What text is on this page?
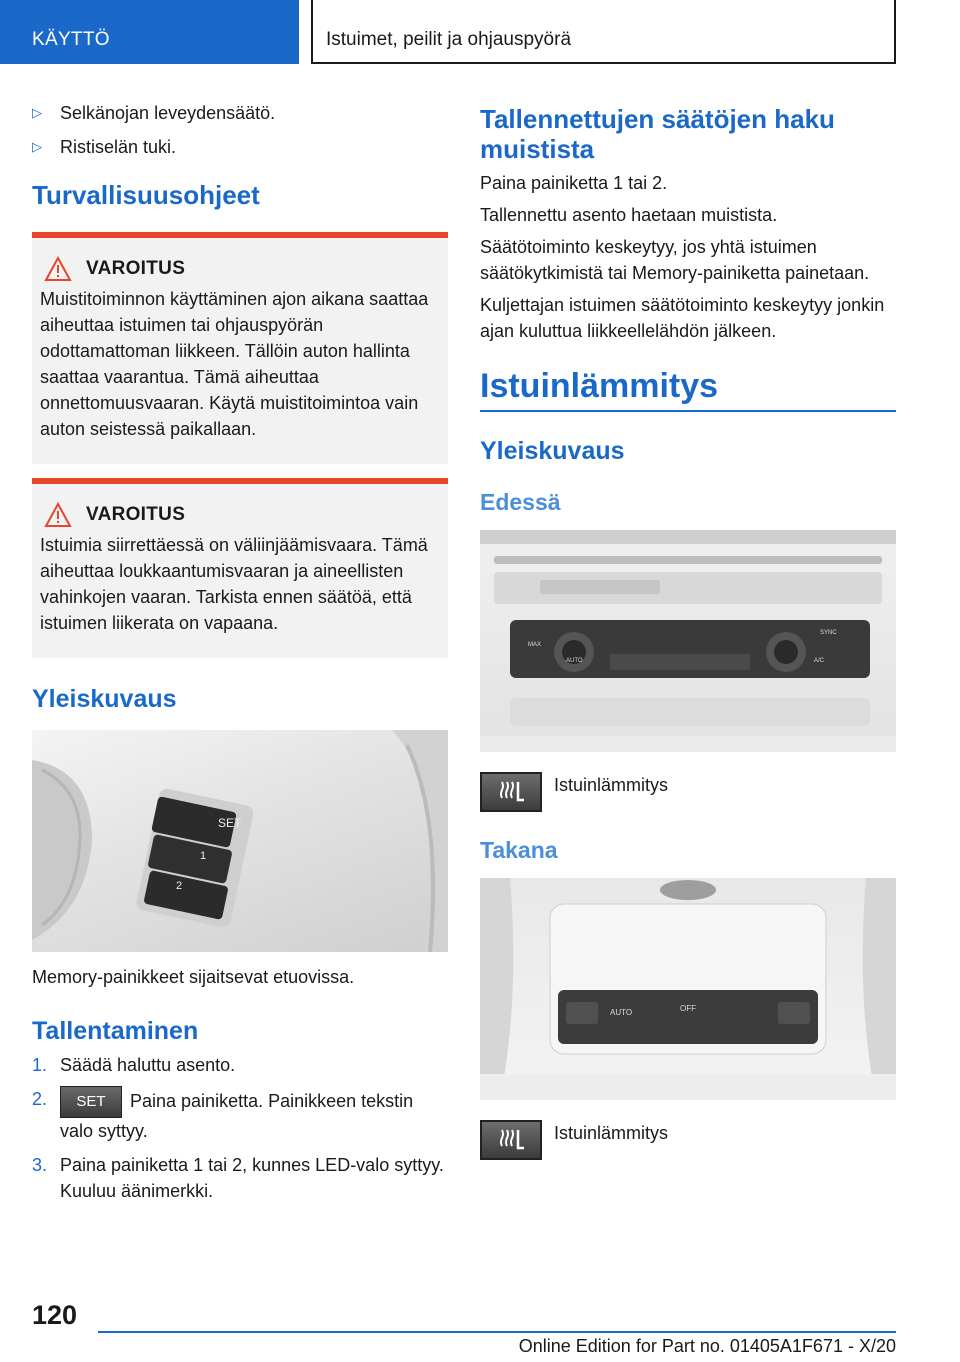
KÄYTTÖ	Istuimet, peilit ja ohjauspyörä
▷	Selkänojan leveydensäätö.
▷	Ristiselän tuki.
Turvallisuusohjeet
VAROITUS
Muistitoiminnon käyttäminen ajon aikana saattaa aiheuttaa istuimen tai ohjauspyörän odottamattoman liikkeen. Tällöin auton hallinta saattaa vaarantua. Tämä aiheuttaa onnettomuusvaaran. Käytä muistitoimintoa vain auton seistessä paikallaan.
VAROITUS
Istuimia siirrettäessä on väliinjäämisvaara. Tämä aiheuttaa loukkaantumisvaaran ja aineellisten vahinkojen vaaran. Tarkista ennen säätöä, että istuimen liikerata on vapaana.
Yleiskuvaus
SET
1
2

Memory-painikkeet sijaitsevat etuovissa.

Tallentaminen
1. Säädä haluttu asento.
2.	SET Paina painiketta. Painikkeen tekstin valo syttyy.
3. Paina painiketta 1 tai 2, kunnes LED-valo syttyy. Kuuluu äänimerkki.
Tallennettujen säätöjen haku muistista

Paina painiketta 1 tai 2.

Tallennettu asento haetaan muistista.

Säätötoiminto keskeytyy, jos yhtä istuimen säätökytkimistä tai Memory-painiketta painetaan.

Kuljettajan istuimen säätötoiminto keskeytyy jonkin ajan kuluttua liikkeellelähdön jälkeen.

Istuinlämmitys
Yleiskuvaus
Edessä
MAX
AUTO
SYNC
A/C
Istuinlämmitys
Takana
AUTO	OFF
Istuinlämmitys
120
Online Edition for Part no. 01405A1F671 - X/20
